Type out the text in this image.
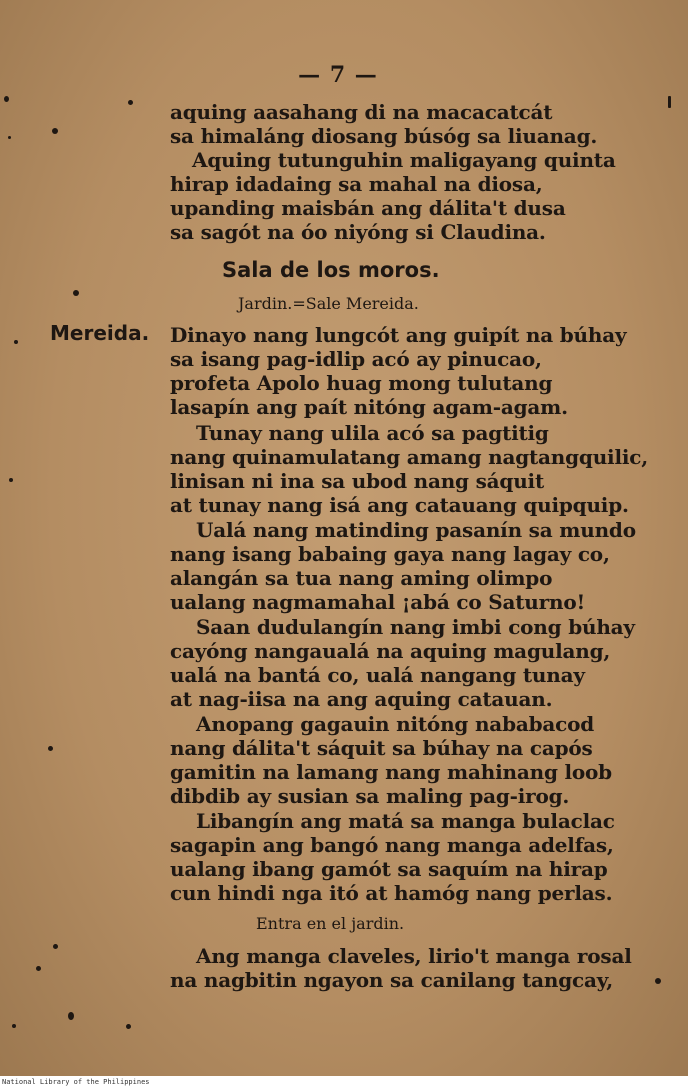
— 7 —
aquing aasahang di na macacatcát
sa himaláng diosang búsóg sa liuanag.
Aquing tutunguhin maligayang quinta
hirap idadaing sa mahal na diosa,
upanding maisbán ang dálita't dusa
sa sagót na óo niyóng si Claudina.
Sala de los moros.
Jardin.=Sale Mereida.
Mereida. Dinayo nang lungcót ang guipít na búhay
sa isang pag-idlip acó ay pinucao,
profeta Apolo huag mong tulutang
lasapín ang paít nitóng agam-agam.
Tunay nang ulila acó sa pagtitig
nang quinamulatang amang nagtangquilic,
linisan ni ina sa ubod nang sáquit
at tunay nang isá ang catauang quipquip.
Ualá nang matinding pasanín sa mundo
nang isang babaing gaya nang lagay co,
alangán sa tua nang aming olimpo
ualang nagmamahal ¡abá co Saturno!
Saan dudulangín nang imbi cong búhay
cayóng nangaualá na aquing magulang,
ualá na bantá co, ualá nangang tunay
at nag-iisa na ang aquing catauan.
Anopang gagauin nitóng nababacod
nang dálita't sáquit sa búhay na capós
gamitin na lamang nang mahinang loob
dibdib ay susian sa maling pag-irog.
Libangín ang matá sa manga bulaclac
sagapin ang bangó nang manga adelfas,
ualang ibang gamót sa saquím na hirap
cun hindi nga itó at hamóg nang perlas.
Entra en el jardin.
Ang manga claveles, lirio't manga rosal
na nagbitin ngayon sa canilang tangcay,
National Library of the Philippines
